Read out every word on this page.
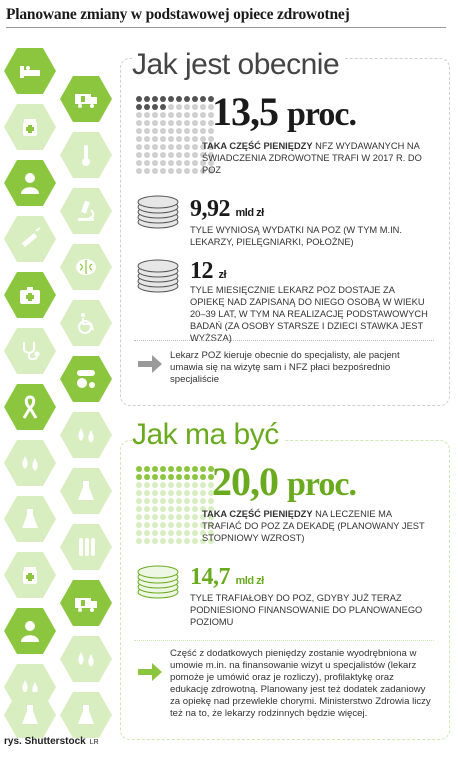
Planowane zmiany w podstawowej opiece zdrowotnej
Jak jest obecnie
13,5 proc.
TAKA CZĘŚĆ PIENIĘDZY NFZ WYDAWANYCH NA ŚWIADCZENIA ZDROWOTNE TRAFI W 2017 R. DO POZ
9,92 mld zł
TYLE WYNIOSĄ WYDATKI NA POZ (W TYM M.IN. LEKARZY, PIELĘGNIARKI, POŁOŻNE)
12 zł
TYLE MIESIĘCZNIE LEKARZ POZ DOSTAJE ZA OPIEKĘ NAD ZAPISANĄ DO NIEGO OSOBĄ W WIEKU 20–39 LAT, W TYM NA REALIZACJĘ PODSTAWOWYCH BADAŃ (ZA OSOBY STARSZE I DZIECI STAWKA JEST WYŻSZA)
Lekarz POZ kieruje obecnie do specjalisty, ale pacjent umawia się na wizytę sam i NFZ płaci bezpośrednio specjaliście
Jak ma być
20,0 proc.
TAKA CZĘŚĆ PIENIĘDZY NA LECZENIE MA TRAFIAĆ DO POZ ZA DEKADĘ (PLANOWANY JEST STOPNIOWY WZROST)
14,7 mld zł
TYLE TRAFIAŁOBY DO POZ, GDYBY JUŻ TERAZ PODNIESIONO FINANSOWANIE DO PLANOWANEGO POZIOMU
Część z dodatkowych pieniędzy zostanie wyodrębniona w umowie m.in. na finansowanie wizyt u specjalistów (lekarz pomoże je umówić oraz je rozliczy), profilaktykę oraz edukację zdrowotną. Planowany jest też dodatek zadaniowy za opiekę nad przewlekle chorymi. Ministerstwo Zdrowia liczy też na to, że lekarzy rodzinnych będzie więcej.
rys. Shutterstock LR
